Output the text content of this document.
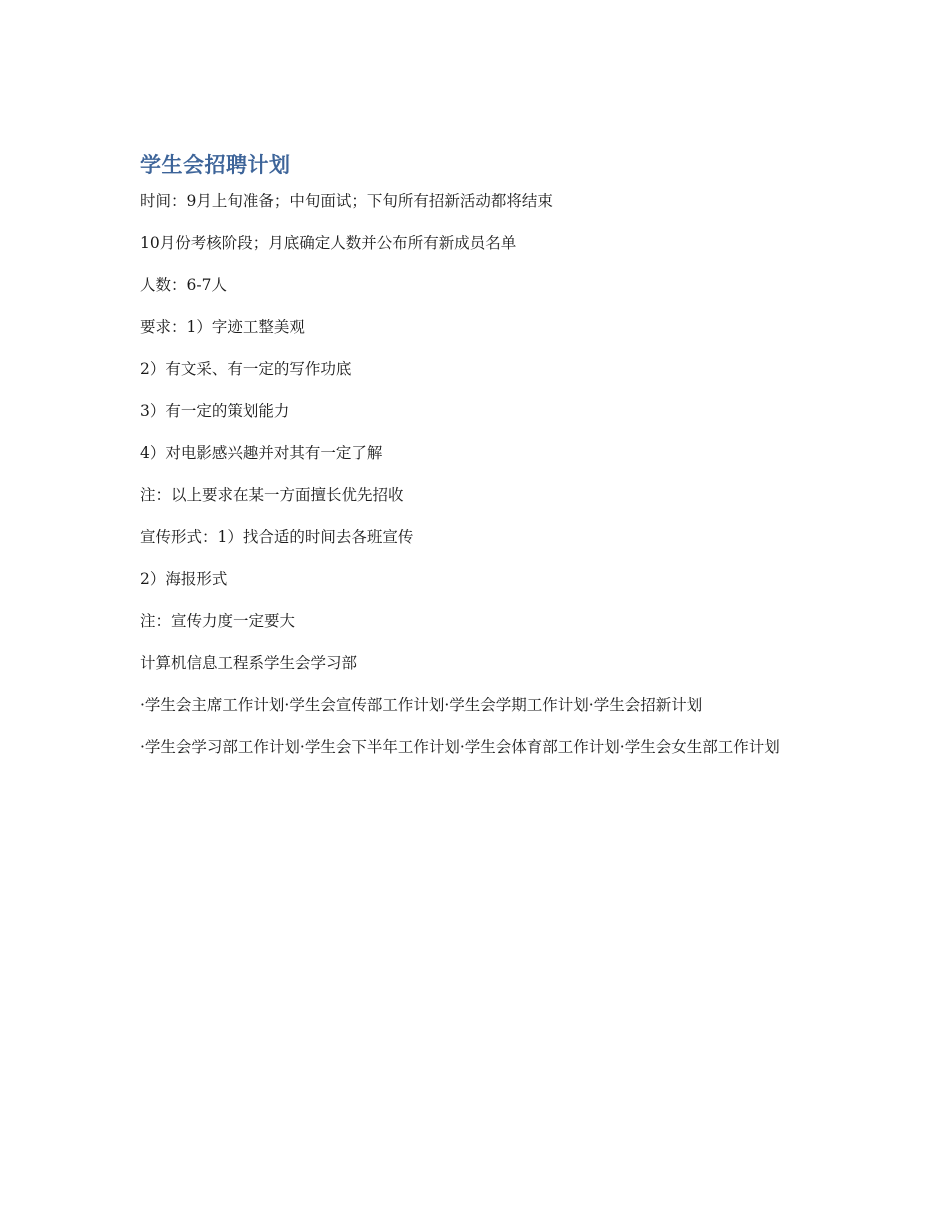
学生会招聘计划

时间：9月上旬准备；中旬面试；下旬所有招新活动都将结束

10月份考核阶段；月底确定人数并公布所有新成员名单

人数：6-7人

要求：1）字迹工整美观

2）有文采、有一定的写作功底

3）有一定的策划能力

4）对电影感兴趣并对其有一定了解

注：以上要求在某一方面擅长优先招收

宣传形式：1）找合适的时间去各班宣传

2）海报形式

注：宣传力度一定要大

计算机信息工程系学生会学习部

·学生会主席工作计划·学生会宣传部工作计划·学生会学期工作计划·学生会招新计划

·学生会学习部工作计划·学生会下半年工作计划·学生会体育部工作计划·学生会女生部工作计划
